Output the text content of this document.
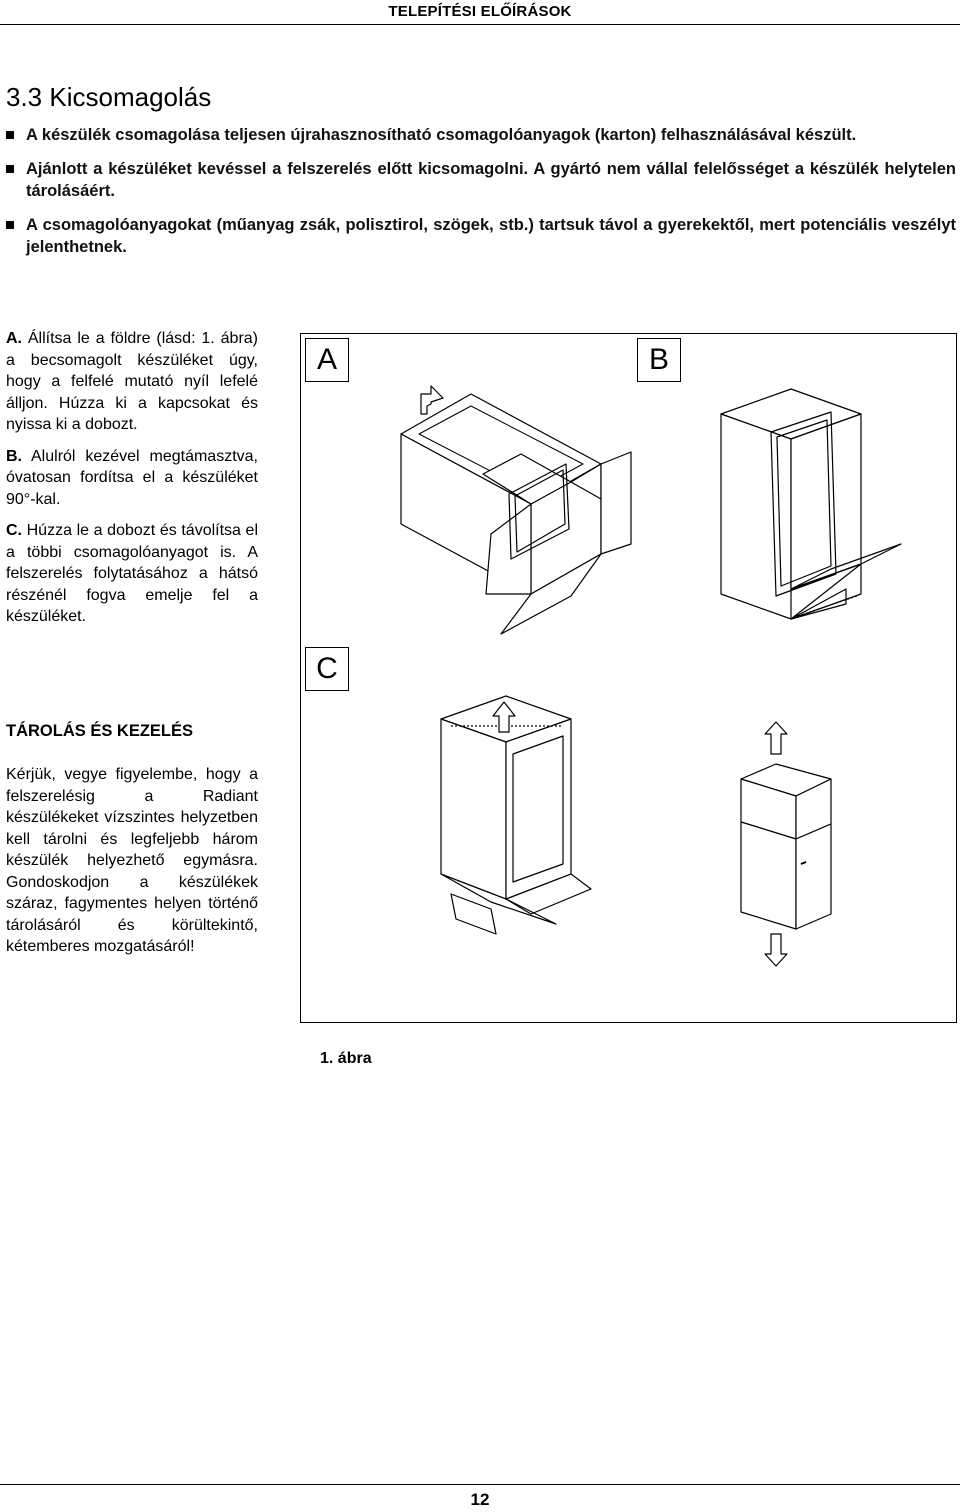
TELEPÍTÉSI ELŐÍRÁSOK
3.3 Kicsomagolás
A készülék csomagolása teljesen újrahasznosítható csomagolóanyagok (karton) felhasználásával készült.
Ajánlott a készüléket kevéssel a felszerelés előtt kicsomagolni. A gyártó nem vállal felelősséget a készülék helytelen tárolásáért.
A csomagolóanyagokat (műanyag zsák, polisztirol, szögek, stb.) tartsuk távol a gyerekektől, mert potenciális veszélyt jelenthetnek.

A. Állítsa le a földre (lásd: 1. ábra) a becsomagolt készüléket úgy, hogy a felfelé mutató nyíl lefelé álljon. Húzza ki a kapcsokat és nyissa ki a dobozt.

B. Alulról kezével megtámasztva, óvatosan fordítsa el a készüléket 90°-kal.

C. Húzza le a dobozt és távolítsa el a többi csomagolóanyagot is. A felszerelés folytatásához a hátsó részénél fogva emelje fel a készüléket.

TÁROLÁS ÉS KEZELÉS
Kérjük, vegye figyelembe, hogy a felszerelésig a Radiant készülékeket vízszintes helyzetben kell tárolni és legfeljebb három készülék helyezhető egymásra. Gondoskodjon a készülékek száraz, fagymentes helyen történő tárolásáról és körültekintő, kétemberes mozgatásáról!
A	B
C
1. ábra
12
